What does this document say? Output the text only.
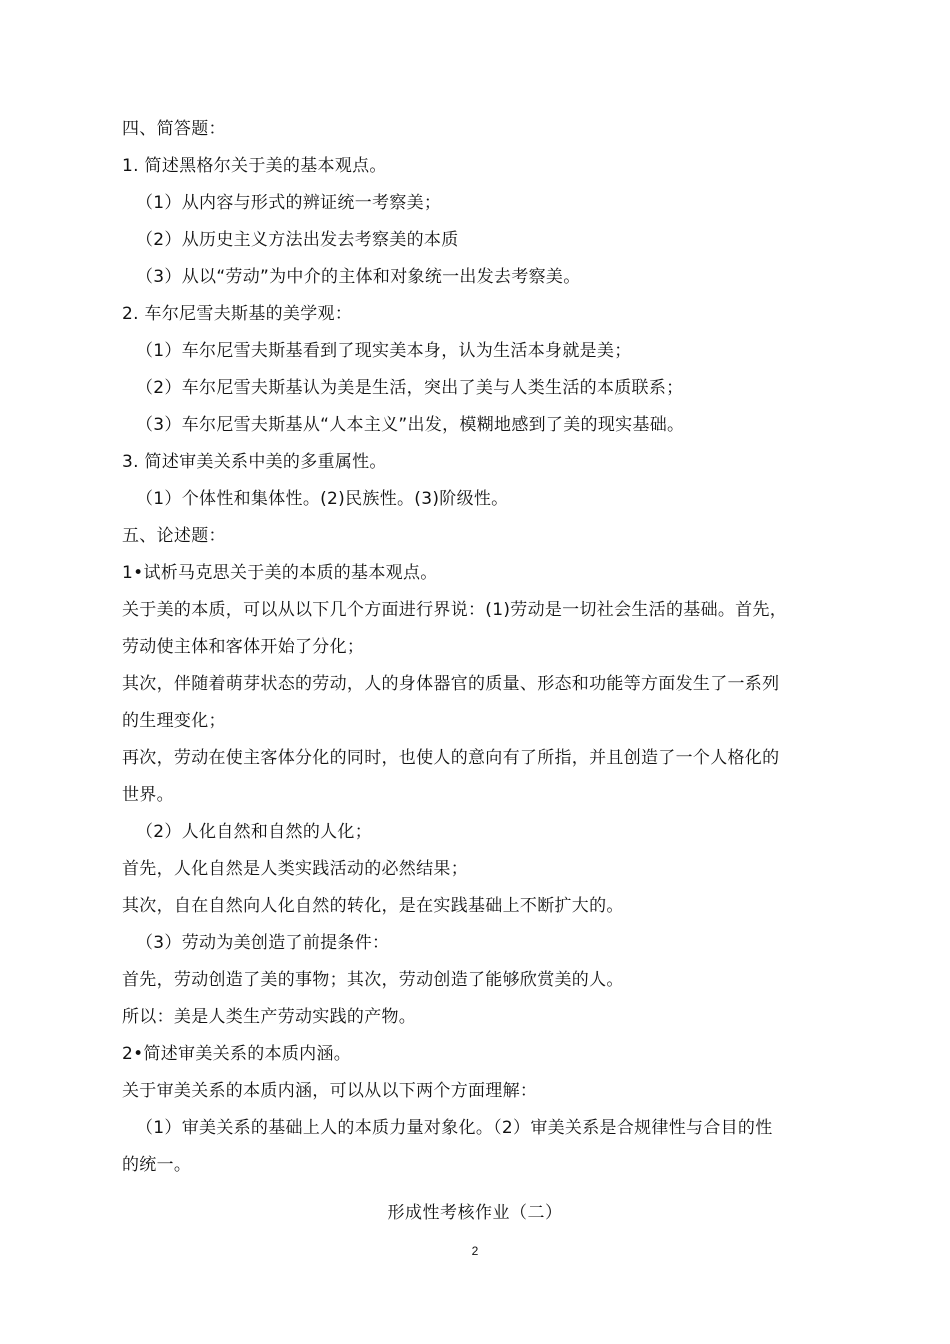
四、简答题：
1. 简述黑格尔关于美的基本观点。
（1）从内容与形式的辨证统一考察美；
（2）从历史主义方法出发去考察美的本质
（3）从以“劳动”为中介的主体和对象统一出发去考察美。
2. 车尔尼雪夫斯基的美学观：
（1）车尔尼雪夫斯基看到了现实美本身，认为生活本身就是美；
（2）车尔尼雪夫斯基认为美是生活，突出了美与人类生活的本质联系；
（3）车尔尼雪夫斯基从“人本主义”出发，模糊地感到了美的现实基础。
3. 简述审美关系中美的多重属性。
（1）个体性和集体性。(2)民族性。(3)阶级性。
五、论述题：
1•试析马克思关于美的本质的基本观点。
关于美的本质，可以从以下几个方面进行界说：(1)劳动是一切社会生活的基础。首先，
劳动使主体和客体开始了分化；
其次，伴随着萌芽状态的劳动，人的身体器官的质量、形态和功能等方面发生了一系列
的生理变化；
再次，劳动在使主客体分化的同时，也使人的意向有了所指，并且创造了一个人格化的
世界。
（2）人化自然和自然的人化；
首先，人化自然是人类实践活动的必然结果；
其次，自在自然向人化自然的转化，是在实践基础上不断扩大的。
（3）劳动为美创造了前提条件：
首先，劳动创造了美的事物；其次，劳动创造了能够欣赏美的人。
所以：美是人类生产劳动实践的产物。
2•简述审美关系的本质内涵。
关于审美关系的本质内涵，可以从以下两个方面理解：
（1）审美关系的基础上人的本质力量对象化。（2）审美关系是合规律性与合目的性
的统一。
形成性考核作业（二）
2
